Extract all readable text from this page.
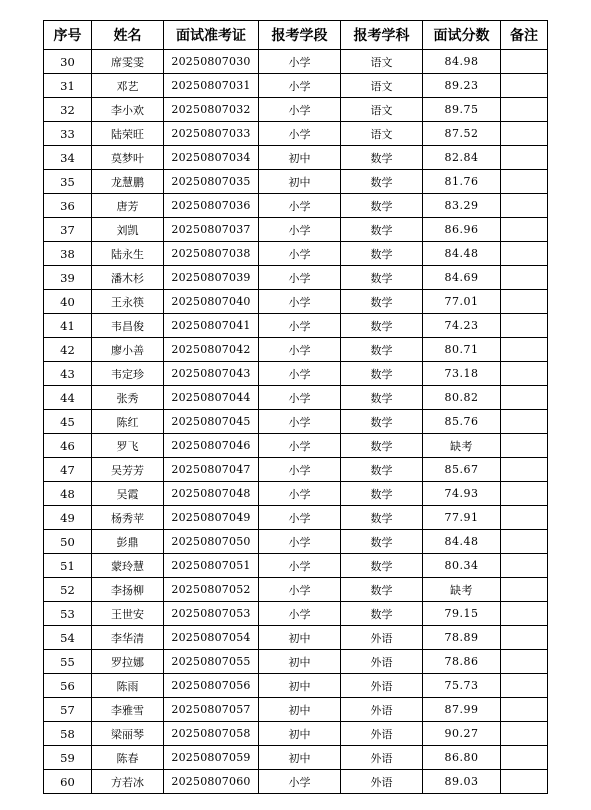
序号	姓名	面试准考证	报考学段	报考学科	面试分数	备注
30	席雯雯	20250807030	小学	语文	84.98	
31	邓艺	20250807031	小学	语文	89.23	
32	李小欢	20250807032	小学	语文	89.75	
33	陆荣旺	20250807033	小学	语文	87.52	
34	莫梦叶	20250807034	初中	数学	82.84	
35	龙慧鹏	20250807035	初中	数学	81.76	
36	唐芳	20250807036	小学	数学	83.29	
37	刘凯	20250807037	小学	数学	86.96	
38	陆永生	20250807038	小学	数学	84.48	
39	潘木杉	20250807039	小学	数学	84.69	
40	王永筷	20250807040	小学	数学	77.01	
41	韦昌俊	20250807041	小学	数学	74.23	
42	廖小善	20250807042	小学	数学	80.71	
43	韦定珍	20250807043	小学	数学	73.18	
44	张秀	20250807044	小学	数学	80.82	
45	陈红	20250807045	小学	数学	85.76	
46	罗飞	20250807046	小学	数学	缺考	
47	吴芳芳	20250807047	小学	数学	85.67	
48	吴霞	20250807048	小学	数学	74.93	
49	杨秀苹	20250807049	小学	数学	77.91	
50	彭鼎	20250807050	小学	数学	84.48	
51	蒙玲慧	20250807051	小学	数学	80.34	
52	李扬柳	20250807052	小学	数学	缺考	
53	王世安	20250807053	小学	数学	79.15	
54	李华清	20250807054	初中	外语	78.89	
55	罗拉娜	20250807055	初中	外语	78.86	
56	陈雨	20250807056	初中	外语	75.73	
57	李雅雪	20250807057	初中	外语	87.99	
58	梁丽琴	20250807058	初中	外语	90.27	
59	陈春	20250807059	初中	外语	86.80	
60	方若冰	20250807060	小学	外语	89.03	
